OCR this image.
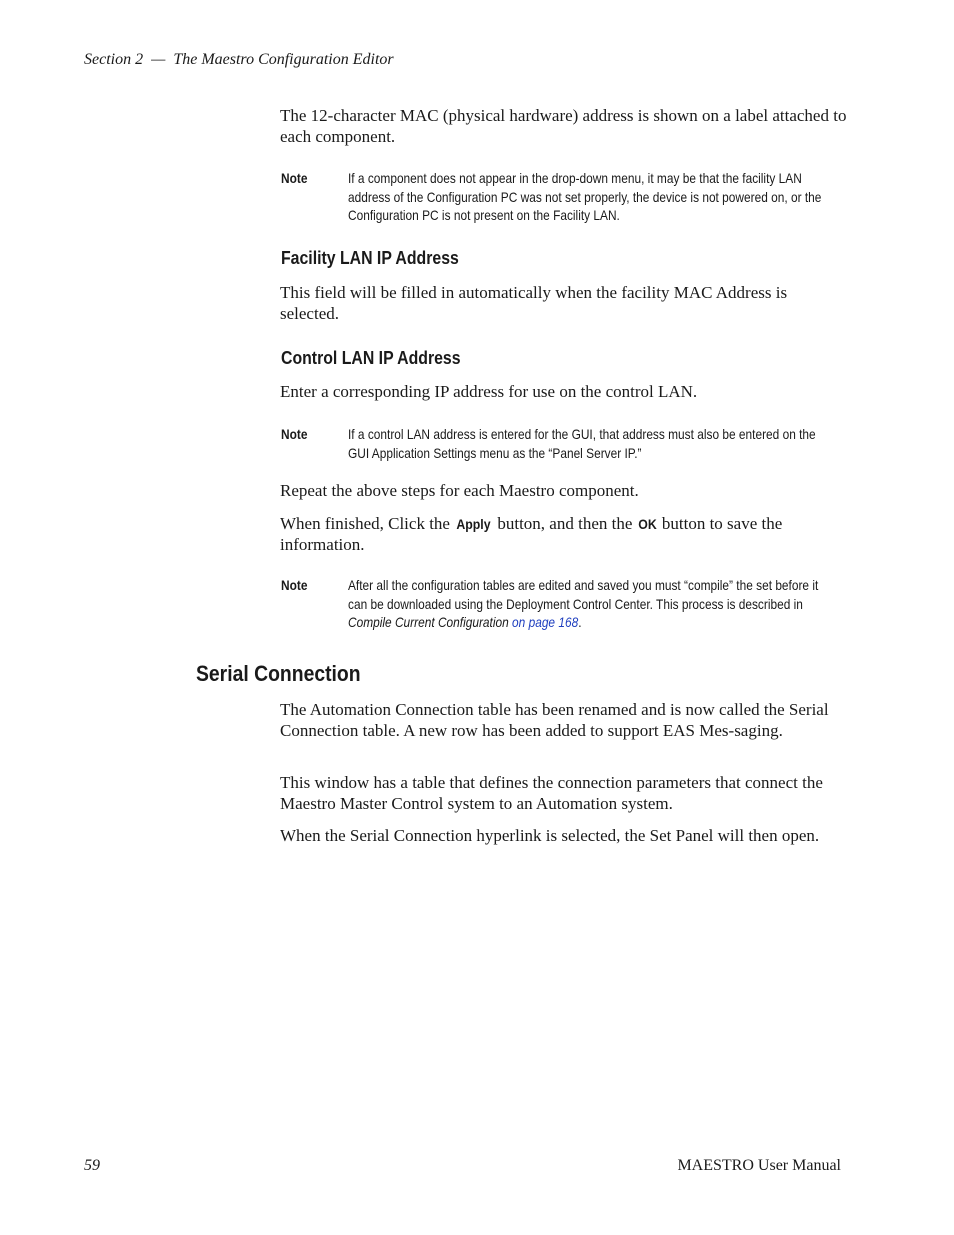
Section 2 — The Maestro Configuration Editor
The 12-character MAC (physical hardware) address is shown on a label attached to each component.
Note	If a component does not appear in the drop-down menu, it may be that the facility LAN address of the Configuration PC was not set properly, the device is not powered on, or the Configuration PC is not present on the Facility LAN.
Facility LAN IP Address
This field will be filled in automatically when the facility MAC Address is selected.
Control LAN IP Address
Enter a corresponding IP address for use on the control LAN.
Note	If a control LAN address is entered for the GUI, that address must also be entered on the GUI Application Settings menu as the “Panel Server IP.”
Repeat the above steps for each Maestro component.
When finished, Click the Apply button, and then the OK button to save the information.
Note	After all the configuration tables are edited and saved you must “compile” the set before it can be downloaded using the Deployment Control Center. This process is described in Compile Current Configuration on page 168.
Serial Connection
The Automation Connection table has been renamed and is now called the Serial Connection table. A new row has been added to support EAS Mes-saging.
This window has a table that defines the connection parameters that connect the Maestro Master Control system to an Automation system.
When the Serial Connection hyperlink is selected, the Set Panel will then open.
59	MAESTRO User Manual
